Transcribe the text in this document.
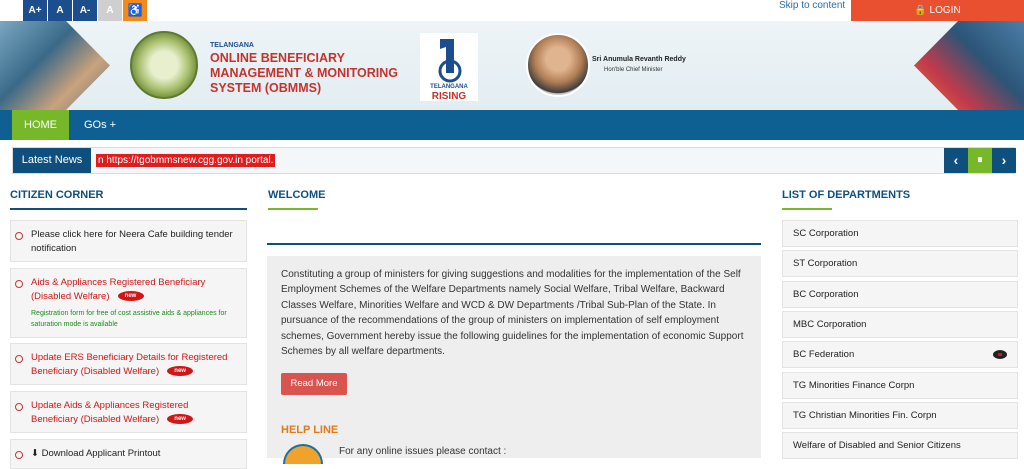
A+	A	A-	A	♿	Skip to content	🔒 LOGIN
TELANGANA
ONLINE BENEFICIARY MANAGEMENT & MONITORING SYSTEM (OBMMS)	TELANGANA
RISING
Sri Anumula Revanth Reddy
Hon'ble Chief Minister
HOME	GOs +
Latest News	n https://tgobmmsnew.cgg.gov.in portal.	‹	⏸	›
CITIZEN CORNER
Please click here for Neera Cafe building tender notification
Aids & Appliances Registered Beneficiary (Disabled Welfare)	new
Registration form for free of cost assistive aids & appliances for saturation mode is available
Update ERS Beneficiary Details for Registered Beneficiary (Disabled Welfare)	new
Update Aids & Appliances Registered Beneficiary (Disabled Welfare)	new
⬇ Download Applicant Printout
WELCOME
Constituting a group of ministers for giving suggestions and modalities for the implementation of the Self Employment Schemes of the Welfare Departments namely Social Welfare, Tribal Welfare, Backward Classes Welfare, Minorities Welfare and WCD & DW Departments /Tribal Sub-Plan of the State. In pursuance of the recommendations of the group of ministers on implementation of self employment schemes, Government hereby issue the following guidelines for the implementation of economic Support Schemes by all welfare departments.
Read More
HELP LINE
For any online issues please contact :
LIST OF DEPARTMENTS
SC Corporation
ST Corporation
BC Corporation
MBC Corporation
BC Federation
TG Minorities Finance Corpn
TG Christian Minorities Fin. Corpn
Welfare of Disabled and Senior Citizens
